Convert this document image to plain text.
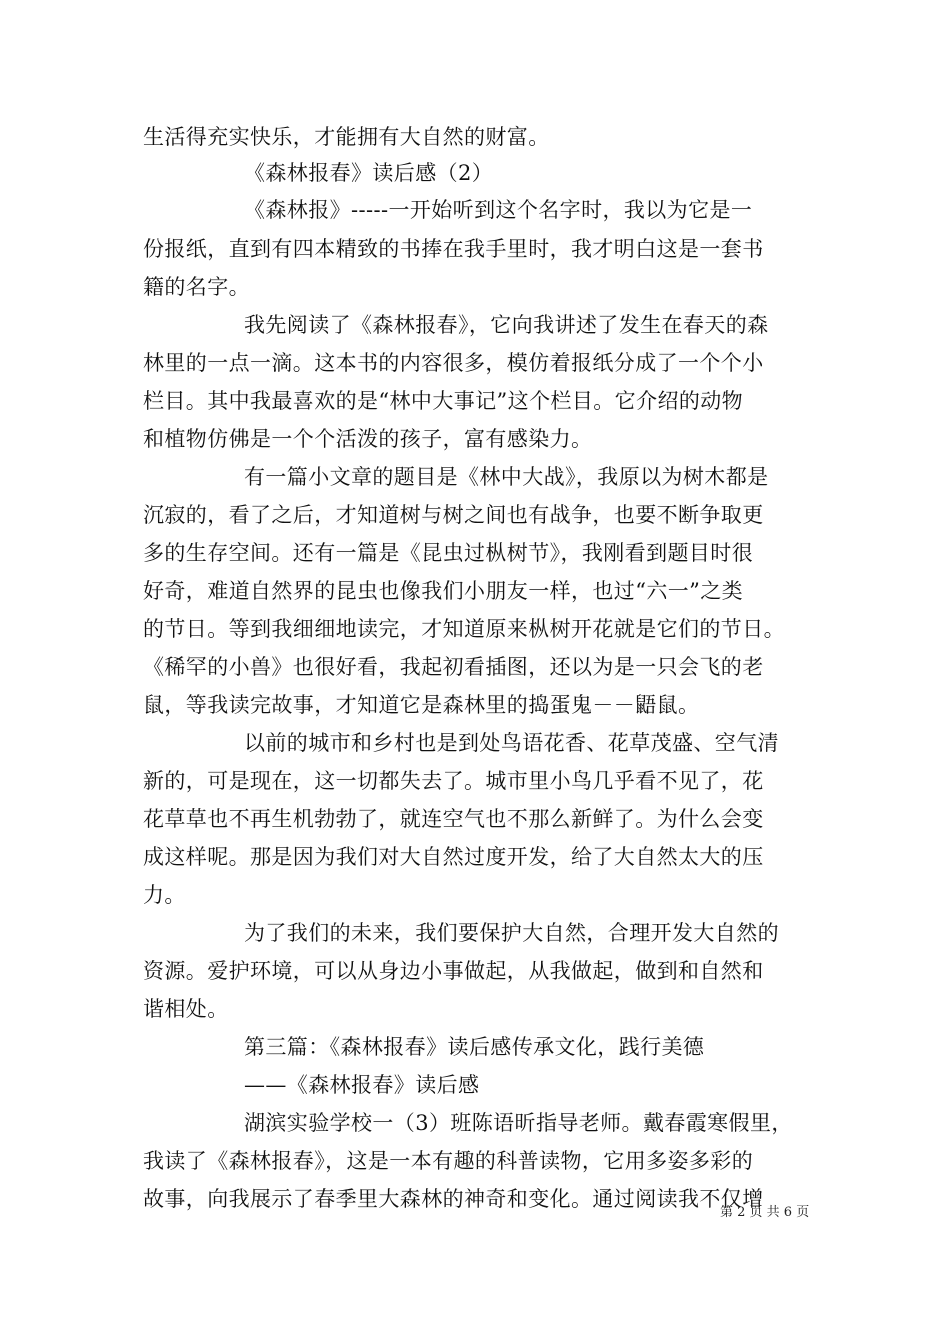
生活得充实快乐，才能拥有大自然的财富。
《森林报春》读后感（2）
《森林报》-----一开始听到这个名字时，我以为它是一
份报纸，直到有四本精致的书捧在我手里时，我才明白这是一套书
籍的名字。
我先阅读了《森林报春》，它向我讲述了发生在春天的森
林里的一点一滴。这本书的内容很多，模仿着报纸分成了一个个小
栏目。其中我最喜欢的是“林中大事记”这个栏目。它介绍的动物
和植物仿佛是一个个活泼的孩子，富有感染力。
有一篇小文章的题目是《林中大战》，我原以为树木都是
沉寂的，看了之后，才知道树与树之间也有战争，也要不断争取更
多的生存空间。还有一篇是《昆虫过枞树节》，我刚看到题目时很
好奇，难道自然界的昆虫也像我们小朋友一样，也过“六一”之类
的节日。等到我细细地读完，才知道原来枞树开花就是它们的节日。
《稀罕的小兽》也很好看，我起初看插图，还以为是一只会飞的老
鼠，等我读完故事，才知道它是森林里的捣蛋鬼－－鼯鼠。
以前的城市和乡村也是到处鸟语花香、花草茂盛、空气清
新的，可是现在，这一切都失去了。城市里小鸟几乎看不见了，花
花草草也不再生机勃勃了，就连空气也不那么新鲜了。为什么会变
成这样呢。那是因为我们对大自然过度开发，给了大自然太大的压
力。
为了我们的未来，我们要保护大自然，合理开发大自然的
资源。爱护环境，可以从身边小事做起，从我做起，做到和自然和
谐相处。
第三篇：《森林报春》读后感传承文化，践行美德
——《森林报春》读后感
湖滨实验学校一（3）班陈语昕指导老师。戴春霞寒假里，
我读了《森林报春》，这是一本有趣的科普读物，它用多姿多彩的
故事，向我展示了春季里大森林的神奇和变化。通过阅读我不仅增
第 2 页 共 6 页
